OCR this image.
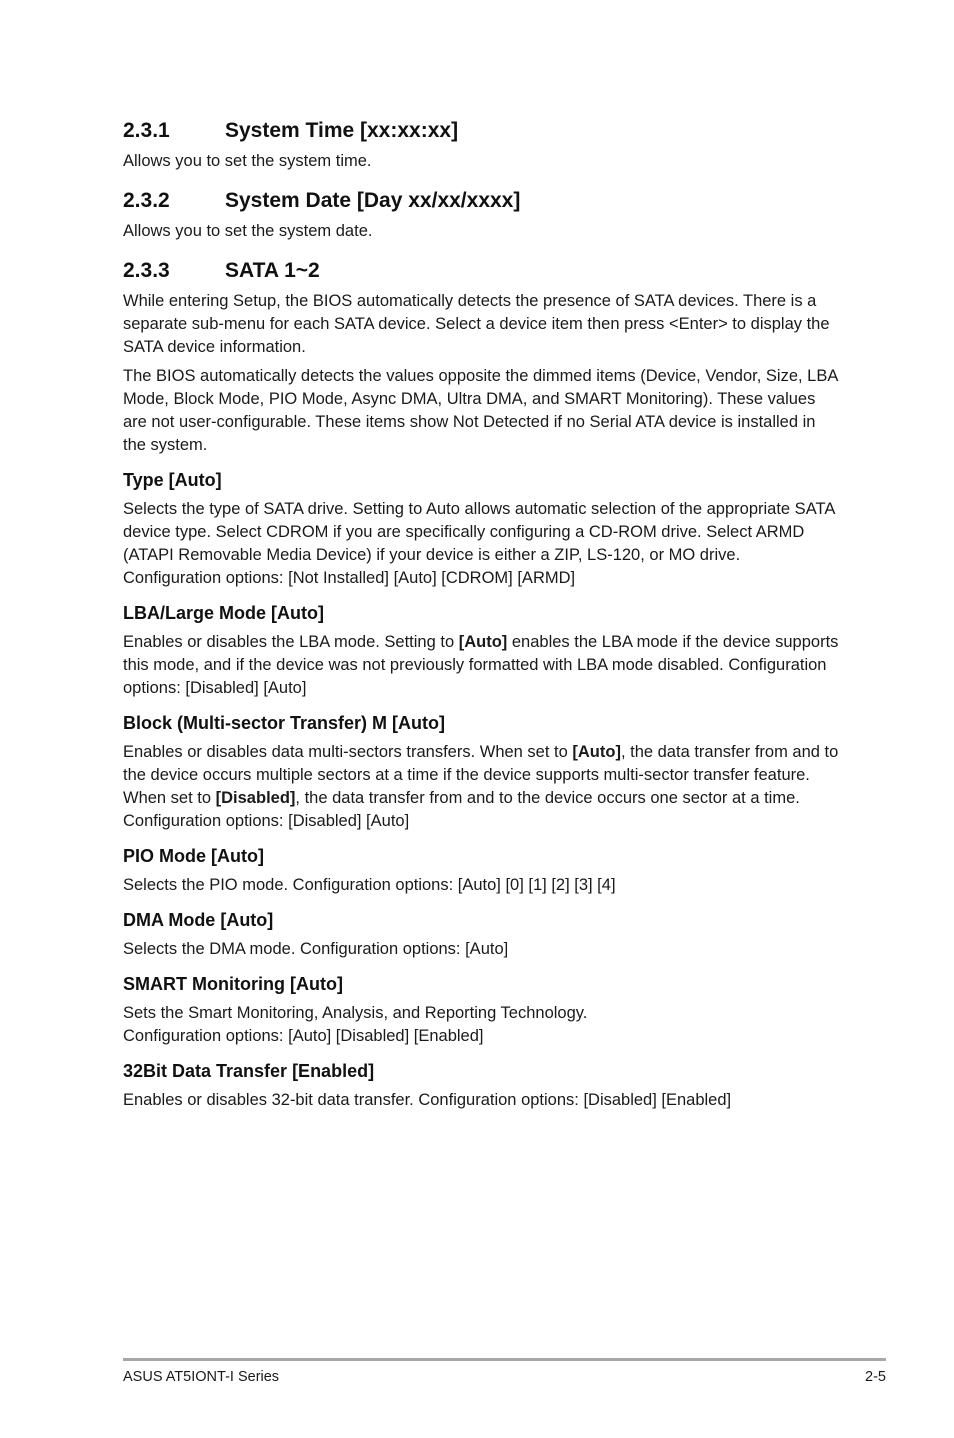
2.3.1	System Time [xx:xx:xx]

Allows you to set the system time.

2.3.2	System Date [Day xx/xx/xxxx]

Allows you to set the system date.

2.3.3	SATA 1~2

While entering Setup, the BIOS automatically detects the presence of SATA devices. There is a separate sub-menu for each SATA device. Select a device item then press <Enter> to display the SATA device information.

The BIOS automatically detects the values opposite the dimmed items (Device, Vendor, Size, LBA Mode, Block Mode, PIO Mode, Async DMA, Ultra DMA, and SMART Monitoring). These values are not user-configurable. These items show Not Detected if no Serial ATA device is installed in the system.

Type [Auto]

Selects the type of SATA drive. Setting to Auto allows automatic selection of the appropriate SATA device type. Select CDROM if you are specifically configuring a CD-ROM drive. Select ARMD (ATAPI Removable Media Device) if your device is either a ZIP, LS-120, or MO drive. Configuration options: [Not Installed] [Auto] [CDROM] [ARMD]

LBA/Large Mode [Auto]

Enables or disables the LBA mode. Setting to [Auto] enables the LBA mode if the device supports this mode, and if the device was not previously formatted with LBA mode disabled. Configuration options: [Disabled] [Auto]

Block (Multi-sector Transfer) M [Auto]

Enables or disables data multi-sectors transfers. When set to [Auto], the data transfer from and to the device occurs multiple sectors at a time if the device supports multi-sector transfer feature. When set to [Disabled], the data transfer from and to the device occurs one sector at a time. Configuration options: [Disabled] [Auto]

PIO Mode [Auto]

Selects the PIO mode. Configuration options: [Auto] [0] [1] [2] [3] [4]

DMA Mode [Auto]

Selects the DMA mode. Configuration options: [Auto]

SMART Monitoring [Auto]

Sets the Smart Monitoring, Analysis, and Reporting Technology.
Configuration options: [Auto] [Disabled] [Enabled]

32Bit Data Transfer [Enabled]

Enables or disables 32-bit data transfer. Configuration options: [Disabled] [Enabled]

ASUS AT5IONT-I Series	2-5
